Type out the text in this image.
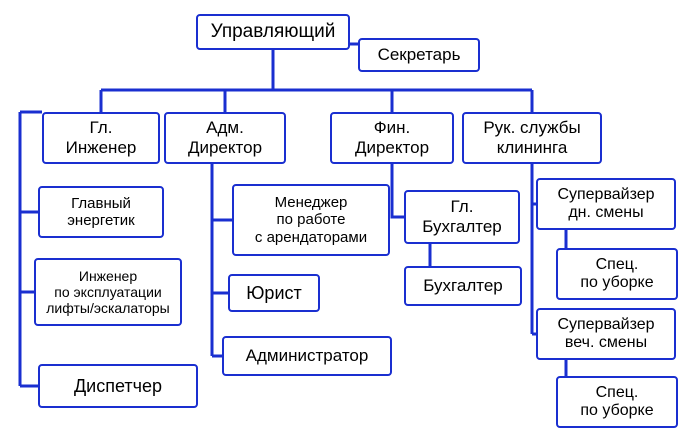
Управляющий
Секретарь
Гл.
Инженер
Адм.
Директор
Фин.
Директор
Рук. службы
клининга
Главный
энергетик
Инженер
по эксплуатации
лифты/эскалаторы
Диспетчер
Менеджер
по работе
с арендаторами
Юрист
Администратор
Гл.
Бухгалтер
Бухгалтер
Супервайзер
дн. смены
Спец.
по уборке
Супервайзер
веч. смены
Спец.
по уборке
